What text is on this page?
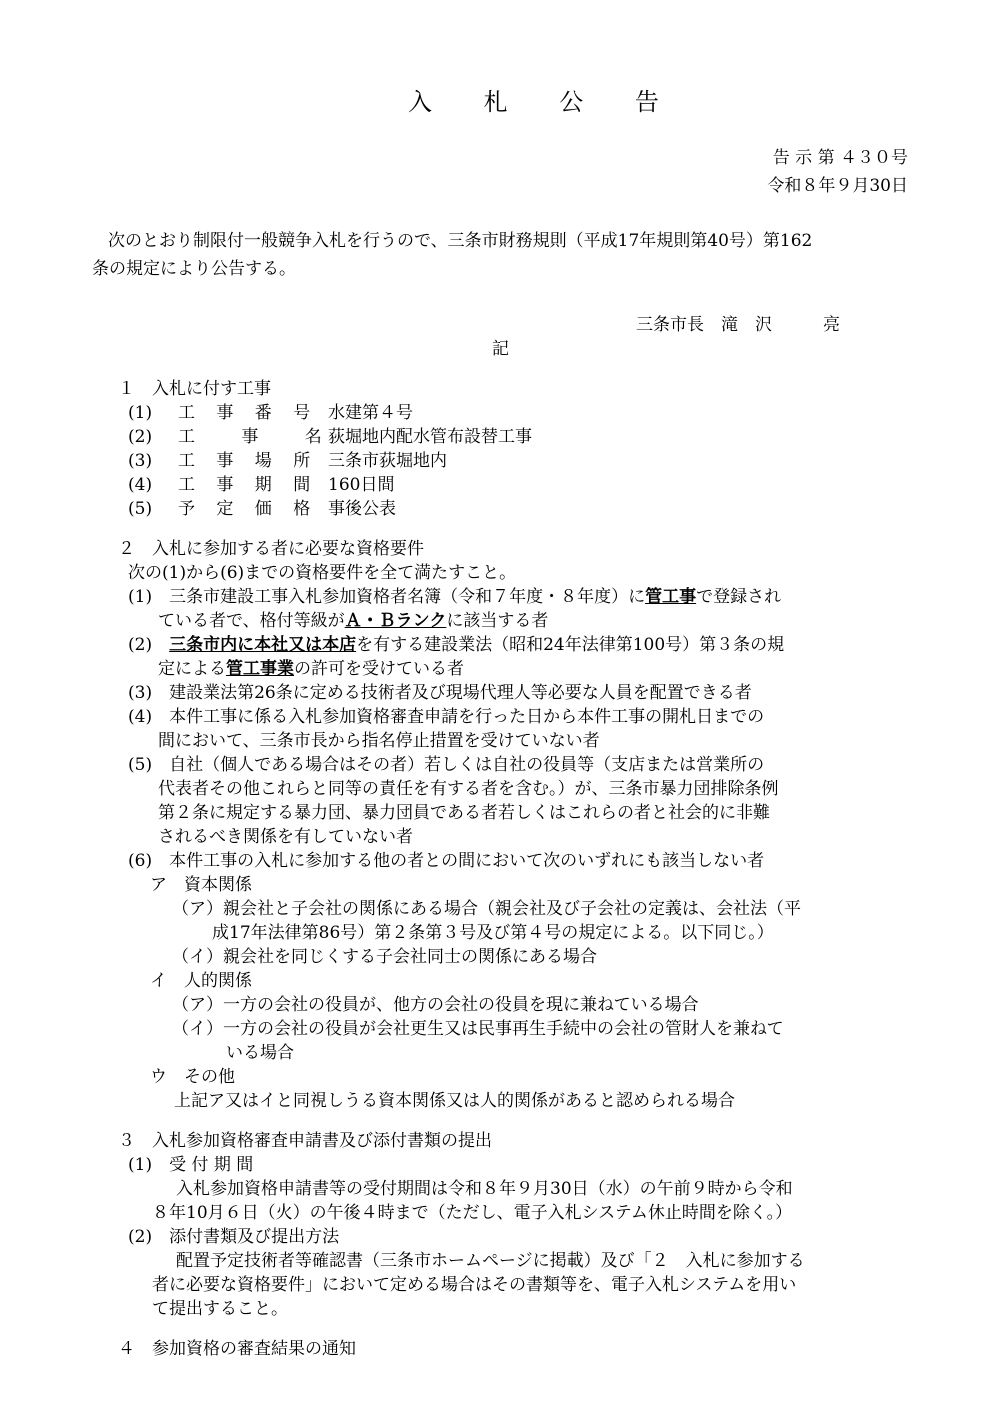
入 札 公 告
告 示 第 ４３０号
令和８年９月30日
次のとおり制限付一般競争入札を行うので、三条市財務規則（平成17年規則第40号）第162
条の規定により公告する。
三条市長　滝　沢　　　亮
記
１　入札に付す工事
(1) 工 事 番 号 水建第４号
(2) 工　 事　 名荻堀地内配水管布設替工事
(3) 工 事 場 所 三条市荻堀地内
(4) 工 事 期 間 160日間
(5) 予 定 価 格 事後公表
２　入札に参加する者に必要な資格要件
次の(1)から(6)までの資格要件を全て満たすこと。
(1)　三条市建設工事入札参加資格者名簿（令和７年度・８年度）に管工事で登録され
ている者で、格付等級がＡ・Ｂランクに該当する者
(2)　三条市内に本社又は本店を有する建設業法（昭和24年法律第100号）第３条の規
定による管工事業の許可を受けている者
(3)　建設業法第26条に定める技術者及び現場代理人等必要な人員を配置できる者
(4)　本件工事に係る入札参加資格審査申請を行った日から本件工事の開札日までの
間において、三条市長から指名停止措置を受けていない者
(5)　自社（個人である場合はその者）若しくは自社の役員等（支店または営業所の
代表者その他これらと同等の責任を有する者を含む。）が、三条市暴力団排除条例
第２条に規定する暴力団、暴力団員である者若しくはこれらの者と社会的に非難
されるべき関係を有していない者
(6)　本件工事の入札に参加する他の者との間において次のいずれにも該当しない者
ア　資本関係
（ア）親会社と子会社の関係にある場合（親会社及び子会社の定義は、会社法（平
成17年法律第86号）第２条第３号及び第４号の規定による。以下同じ。）
（イ）親会社を同じくする子会社同士の関係にある場合
イ　人的関係
（ア）一方の会社の役員が、他方の会社の役員を現に兼ねている場合
（イ）一方の会社の役員が会社更生又は民事再生手続中の会社の管財人を兼ねて
いる場合
ウ　その他
上記ア又はイと同視しうる資本関係又は人的関係があると認められる場合
３　入札参加資格審査申請書及び添付書類の提出
(1)　受 付 期 間
入札参加資格申請書等の受付期間は令和８年９月30日（水）の午前９時から令和
８年10月６日（火）の午後４時まで（ただし、電子入札システム休止時間を除く。）
(2)　添付書類及び提出方法
配置予定技術者等確認書（三条市ホームページに掲載）及び「２　入札に参加する
者に必要な資格要件」において定める場合はその書類等を、電子入札システムを用い
て提出すること。
４　参加資格の審査結果の通知
